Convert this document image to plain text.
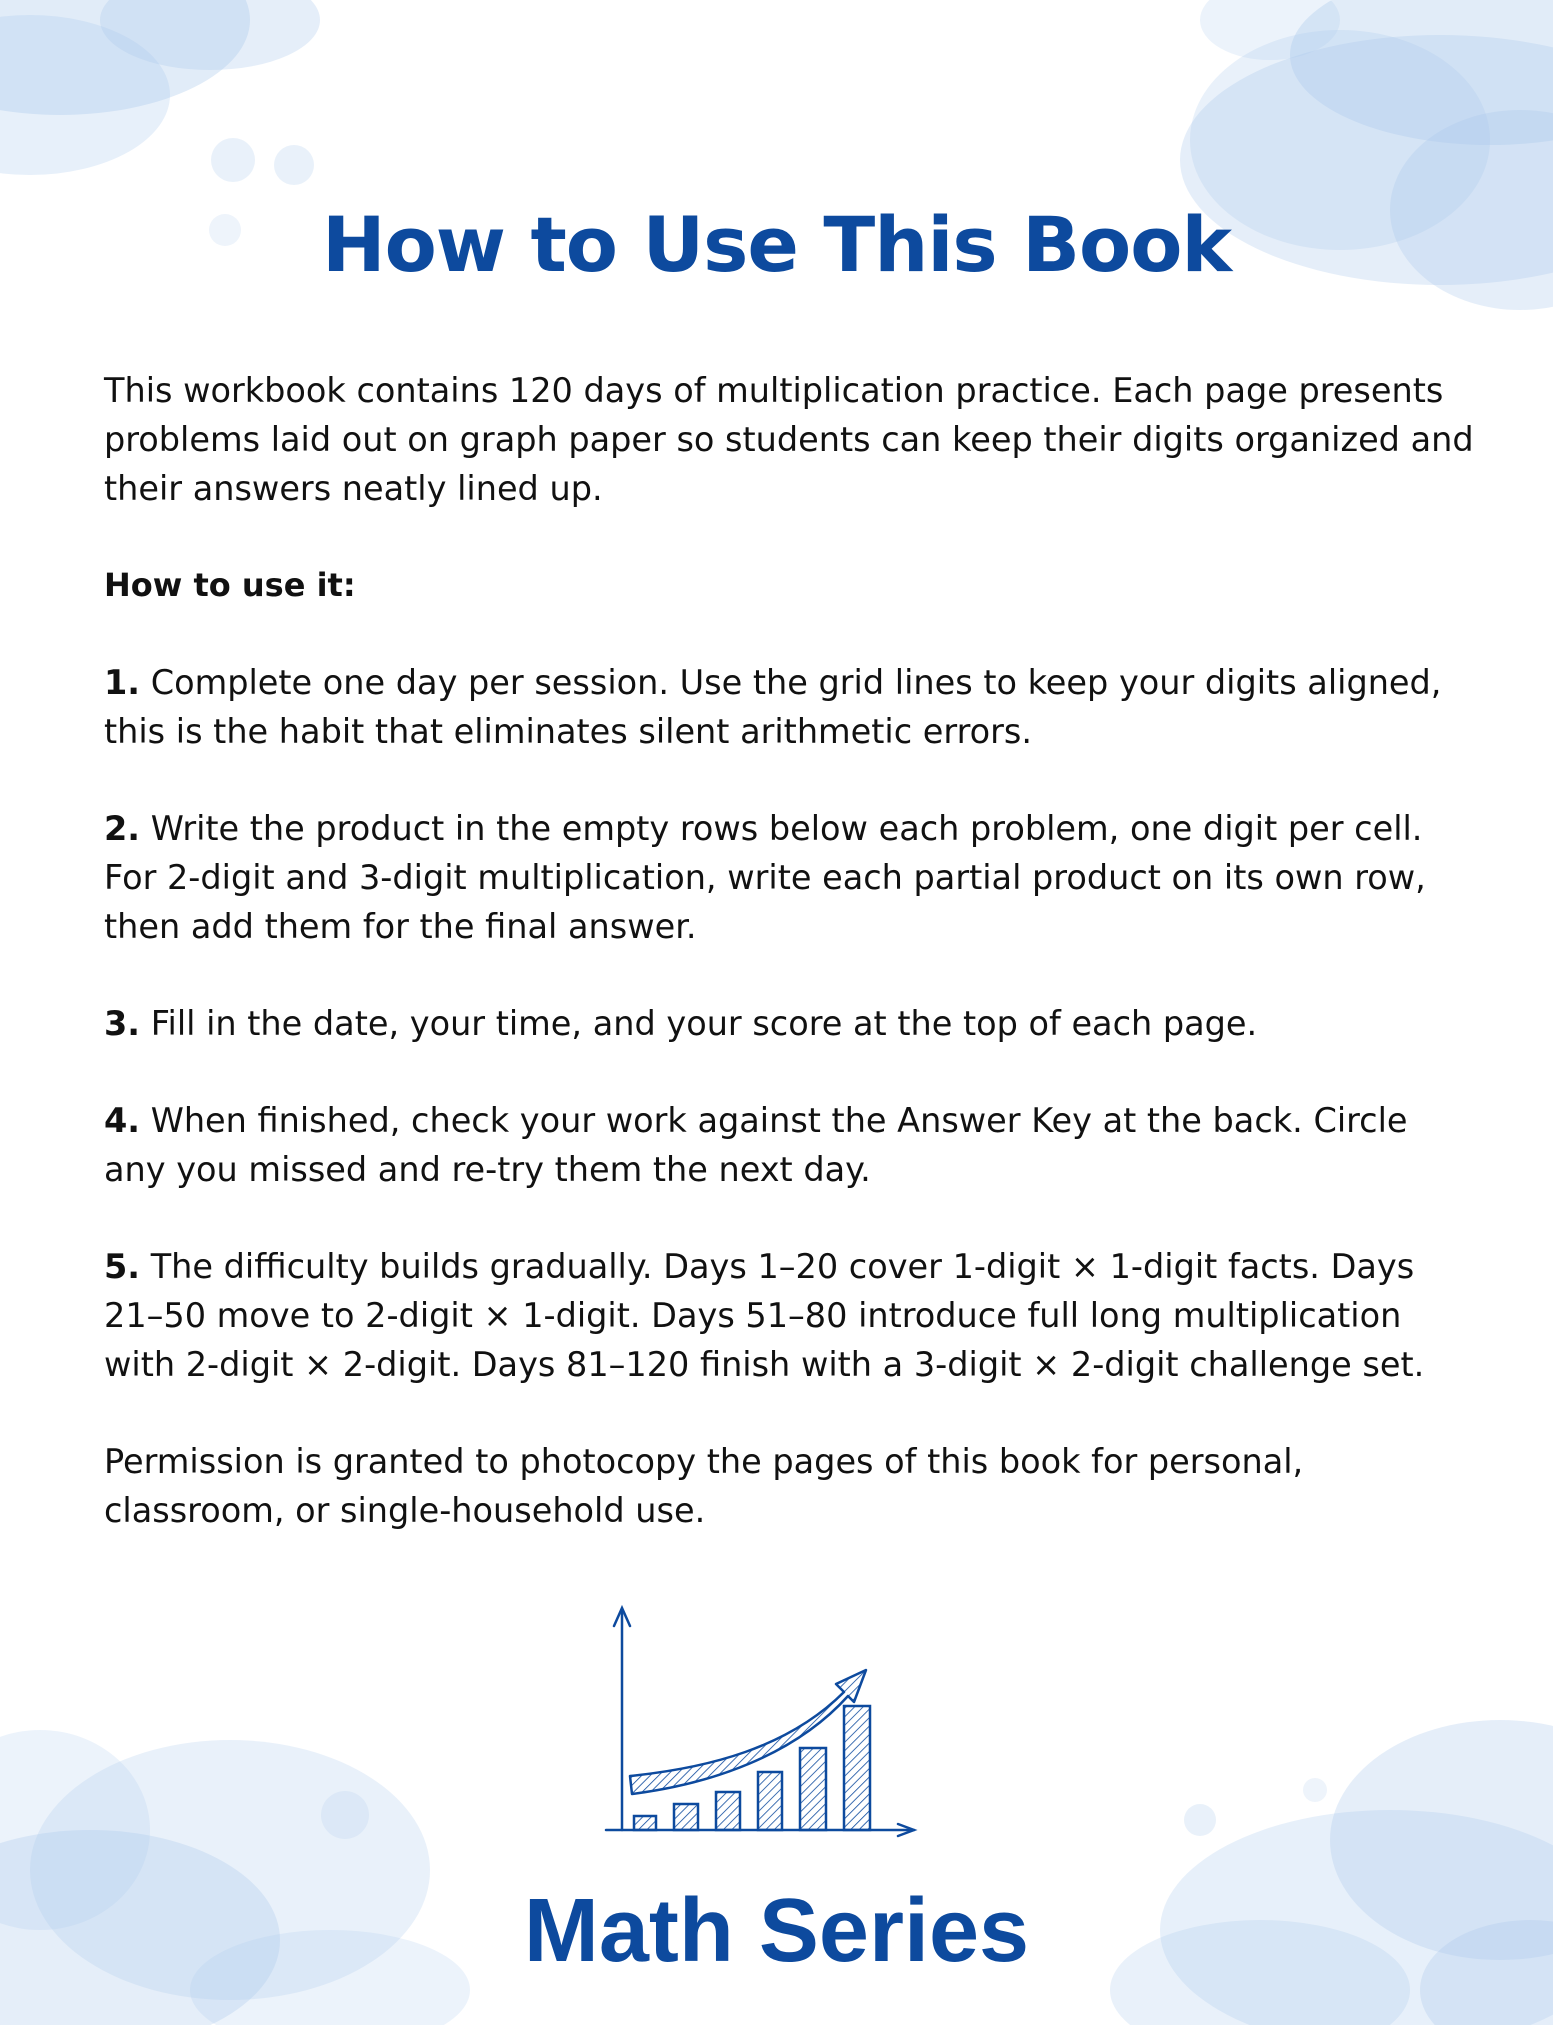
How to Use This Book

This workbook contains 120 days of multiplication practice. Each page presents problems laid out on graph paper so students can keep their digits organized and their answers neatly lined up.

How to use it:

1. Complete one day per session. Use the grid lines to keep your digits aligned, this is the habit that eliminates silent arithmetic errors.

2. Write the product in the empty rows below each problem, one digit per cell. For 2-digit and 3-digit multiplication, write each partial product on its own row, then add them for the final answer.

3. Fill in the date, your time, and your score at the top of each page.

4. When finished, check your work against the Answer Key at the back. Circle any you missed and re-try them the next day.

5. The difficulty builds gradually. Days 1–20 cover 1-digit × 1-digit facts. Days 21–50 move to 2-digit × 1-digit. Days 51–80 introduce full long multiplication with 2-digit × 2-digit. Days 81–120 finish with a 3-digit × 2-digit challenge set.

Permission is granted to photocopy the pages of this book for personal, classroom, or single-household use.

Math Series
